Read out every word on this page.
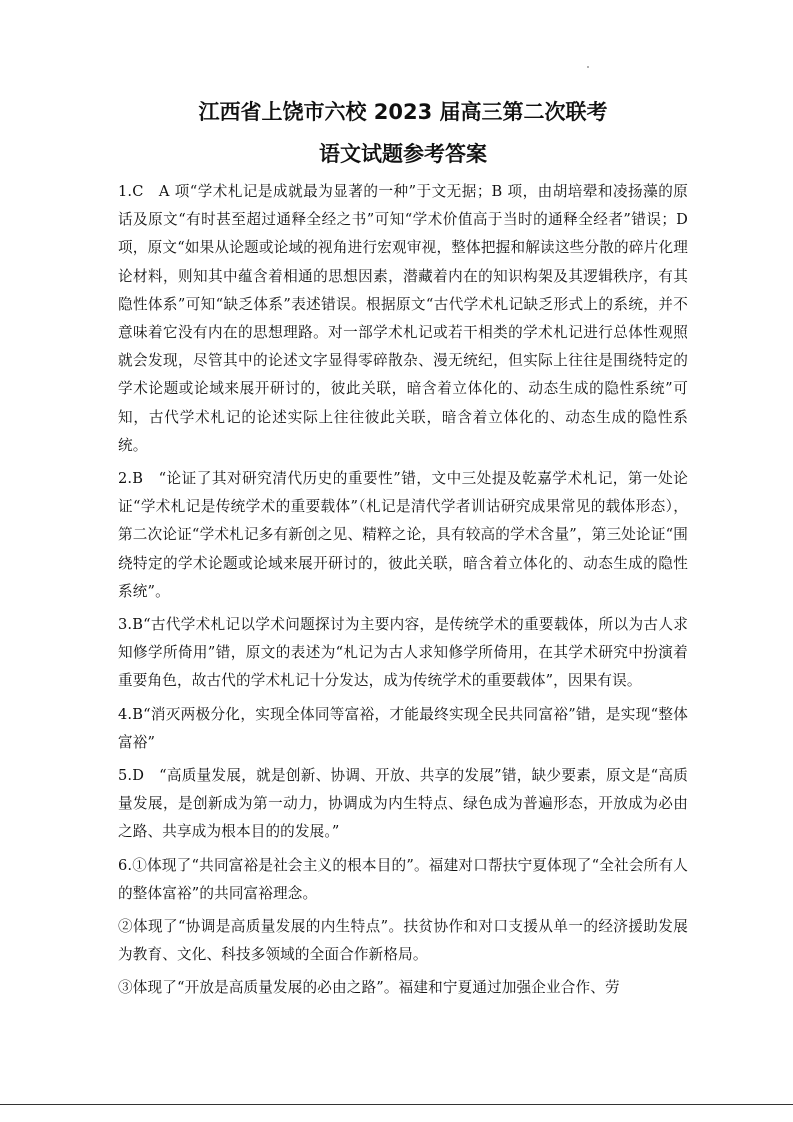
江西省上饶市六校 2023 届高三第二次联考
语文试题参考答案

1.C　A 项“学术札记是成就最为显著的一种”于文无据；B 项，由胡培翚和凌扬藻的原话及原文“有时甚至超过通释全经之书”可知“学术价值高于当时的通释全经者”错误；D 项，原文“如果从论题或论域的视角进行宏观审视，整体把握和解读这些分散的碎片化理论材料，则知其中蕴含着相通的思想因素，潜藏着内在的知识构架及其逻辑秩序，有其隐性体系”可知“缺乏体系”表述错误。根据原文“古代学术札记缺乏形式上的系统，并不意味着它没有内在的思想理路。对一部学术札记或若干相类的学术札记进行总体性观照就会发现，尽管其中的论述文字显得零碎散杂、漫无统纪，但实际上往往是围绕特定的学术论题或论域来展开研讨的，彼此关联，暗含着立体化的、动态生成的隐性系统”可知，古代学术札记的论述实际上往往彼此关联，暗含着立体化的、动态生成的隐性系统。

2.B　“论证了其对研究清代历史的重要性”错，文中三处提及乾嘉学术札记，第一处论证“学术札记是传统学术的重要载体”（札记是清代学者训诂研究成果常见的载体形态），第二次论证“学术札记多有新创之见、精粹之论，具有较高的学术含量”，第三处论证“围绕特定的学术论题或论域来展开研讨的，彼此关联，暗含着立体化的、动态生成的隐性系统”。

3.B“古代学术札记以学术问题探讨为主要内容，是传统学术的重要载体，所以为古人求知修学所倚用”错，原文的表述为“札记为古人求知修学所倚用，在其学术研究中扮演着重要角色，故古代的学术札记十分发达，成为传统学术的重要载体”，因果有误。

4.B“消灭两极分化，实现全体同等富裕，才能最终实现全民共同富裕”错，是实现“整体富裕”

5.D　“高质量发展，就是创新、协调、开放、共享的发展”错，缺少要素，原文是“高质量发展，是创新成为第一动力，协调成为内生特点、绿色成为普遍形态，开放成为必由之路、共享成为根本目的的发展。”

6.①体现了“共同富裕是社会主义的根本目的”。福建对口帮扶宁夏体现了“全社会所有人的整体富裕”的共同富裕理念。

②体现了“协调是高质量发展的内生特点”。扶贫协作和对口支援从单一的经济援助发展为教育、文化、科技多领域的全面合作新格局。

③体现了“开放是高质量发展的必由之路”。福建和宁夏通过加强企业合作、劳
